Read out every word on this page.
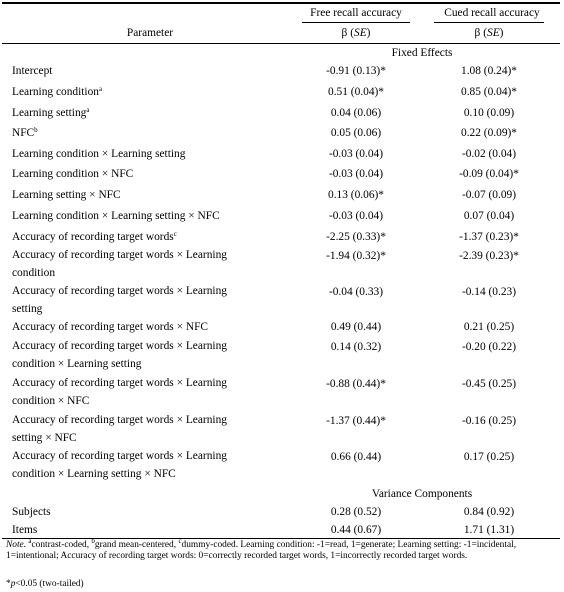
Free recall accuracy	Cued recall accuracy
Parameter	β (SE)	β (SE)
Fixed Effects
Variance Components
Intercept	-0.91 (0.13)*	1.08 (0.24)*
Learning condition$^a$	0.51 (0.04)*	0.85 (0.04)*
Learning setting$^a$	0.04 (0.06)	0.10 (0.09)
NFC$^b$	0.05 (0.06)	0.22 (0.09)*
Learning condition × Learning setting	-0.03 (0.04)	-0.02 (0.04)
Learning condition × NFC	-0.03 (0.04)	-0.09 (0.04)*
Learning setting × NFC	0.13 (0.06)*	-0.07 (0.09)
Learning condition × Learning setting × NFC	-0.03 (0.04)	0.07 (0.04)
Accuracy of recording target words$^c$	-2.25 (0.33)*	-1.37 (0.23)*
Accuracy of recording target words × Learning
condition
-1.94 (0.32)*	-2.39 (0.23)*
Accuracy of recording target words × Learning
setting
-0.04 (0.33)	-0.14 (0.23)
Accuracy of recording target words × NFC	0.49 (0.44)	0.21 (0.25)
Accuracy of recording target words × Learning
condition × Learning setting
0.14 (0.32)	-0.20 (0.22)
Accuracy of recording target words × Learning
condition × NFC
-0.88 (0.44)*	-0.45 (0.25)
Accuracy of recording target words × Learning
setting × NFC
-1.37 (0.44)*	-0.16 (0.25)
Accuracy of recording target words × Learning
condition × Learning setting × NFC
0.66 (0.44)	0.17 (0.25)
Subjects	0.28 (0.52)	0.84 (0.92)
Items	0.44 (0.67)	1.71 (1.31)
Note. $^a$contrast-coded, $^b$grand mean-centered, $^c$dummy-coded. Learning condition: -1=read, 1=generate; Learning setting: -1=incidental, 1=intentional; Accuracy of recording target words: 0=correctly recorded target words, 1=incorrectly recorded target words.
*p<0.05 (two-tailed)
